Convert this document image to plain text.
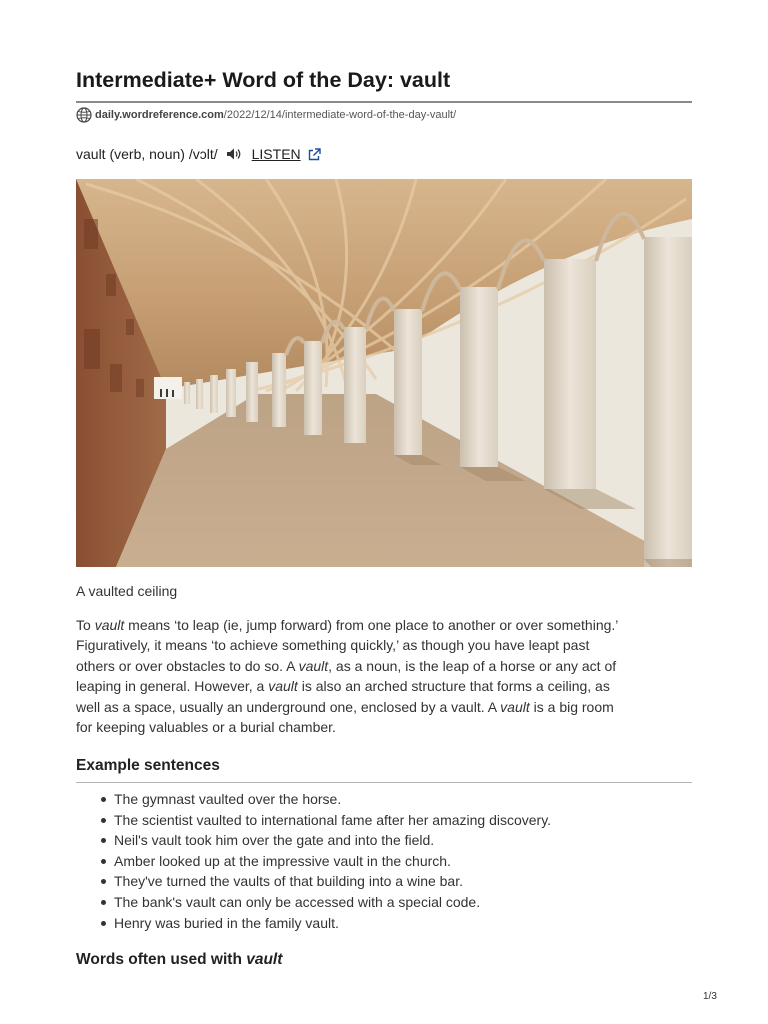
Intermediate+ Word of the Day: vault
daily.wordreference.com /2022/12/14/intermediate-word-of-the-day-vault/
vault (verb, noun) /vɔlt/ LISTEN
A vaulted ceiling

To vault means ‘to leap (ie, jump forward) from one place to another or over something.’
Figuratively, it means ‘to achieve something quickly,’ as though you have leapt past
others or over obstacles to do so. A vault, as a noun, is the leap of a horse or any act of
leaping in general. However, a vault is also an arched structure that forms a ceiling, as
well as a space, usually an underground one, enclosed by a vault. A vault is a big room
for keeping valuables or a burial chamber.

Example sentences
The gymnast vaulted over the horse.
The scientist vaulted to international fame after her amazing discovery.
Neil's vault took him over the gate and into the field.
Amber looked up at the impressive vault in the church.
They've turned the vaults of that building into a wine bar.
The bank's vault can only be accessed with a special code.
Henry was buried in the family vault.
Words often used with vault
1/3
